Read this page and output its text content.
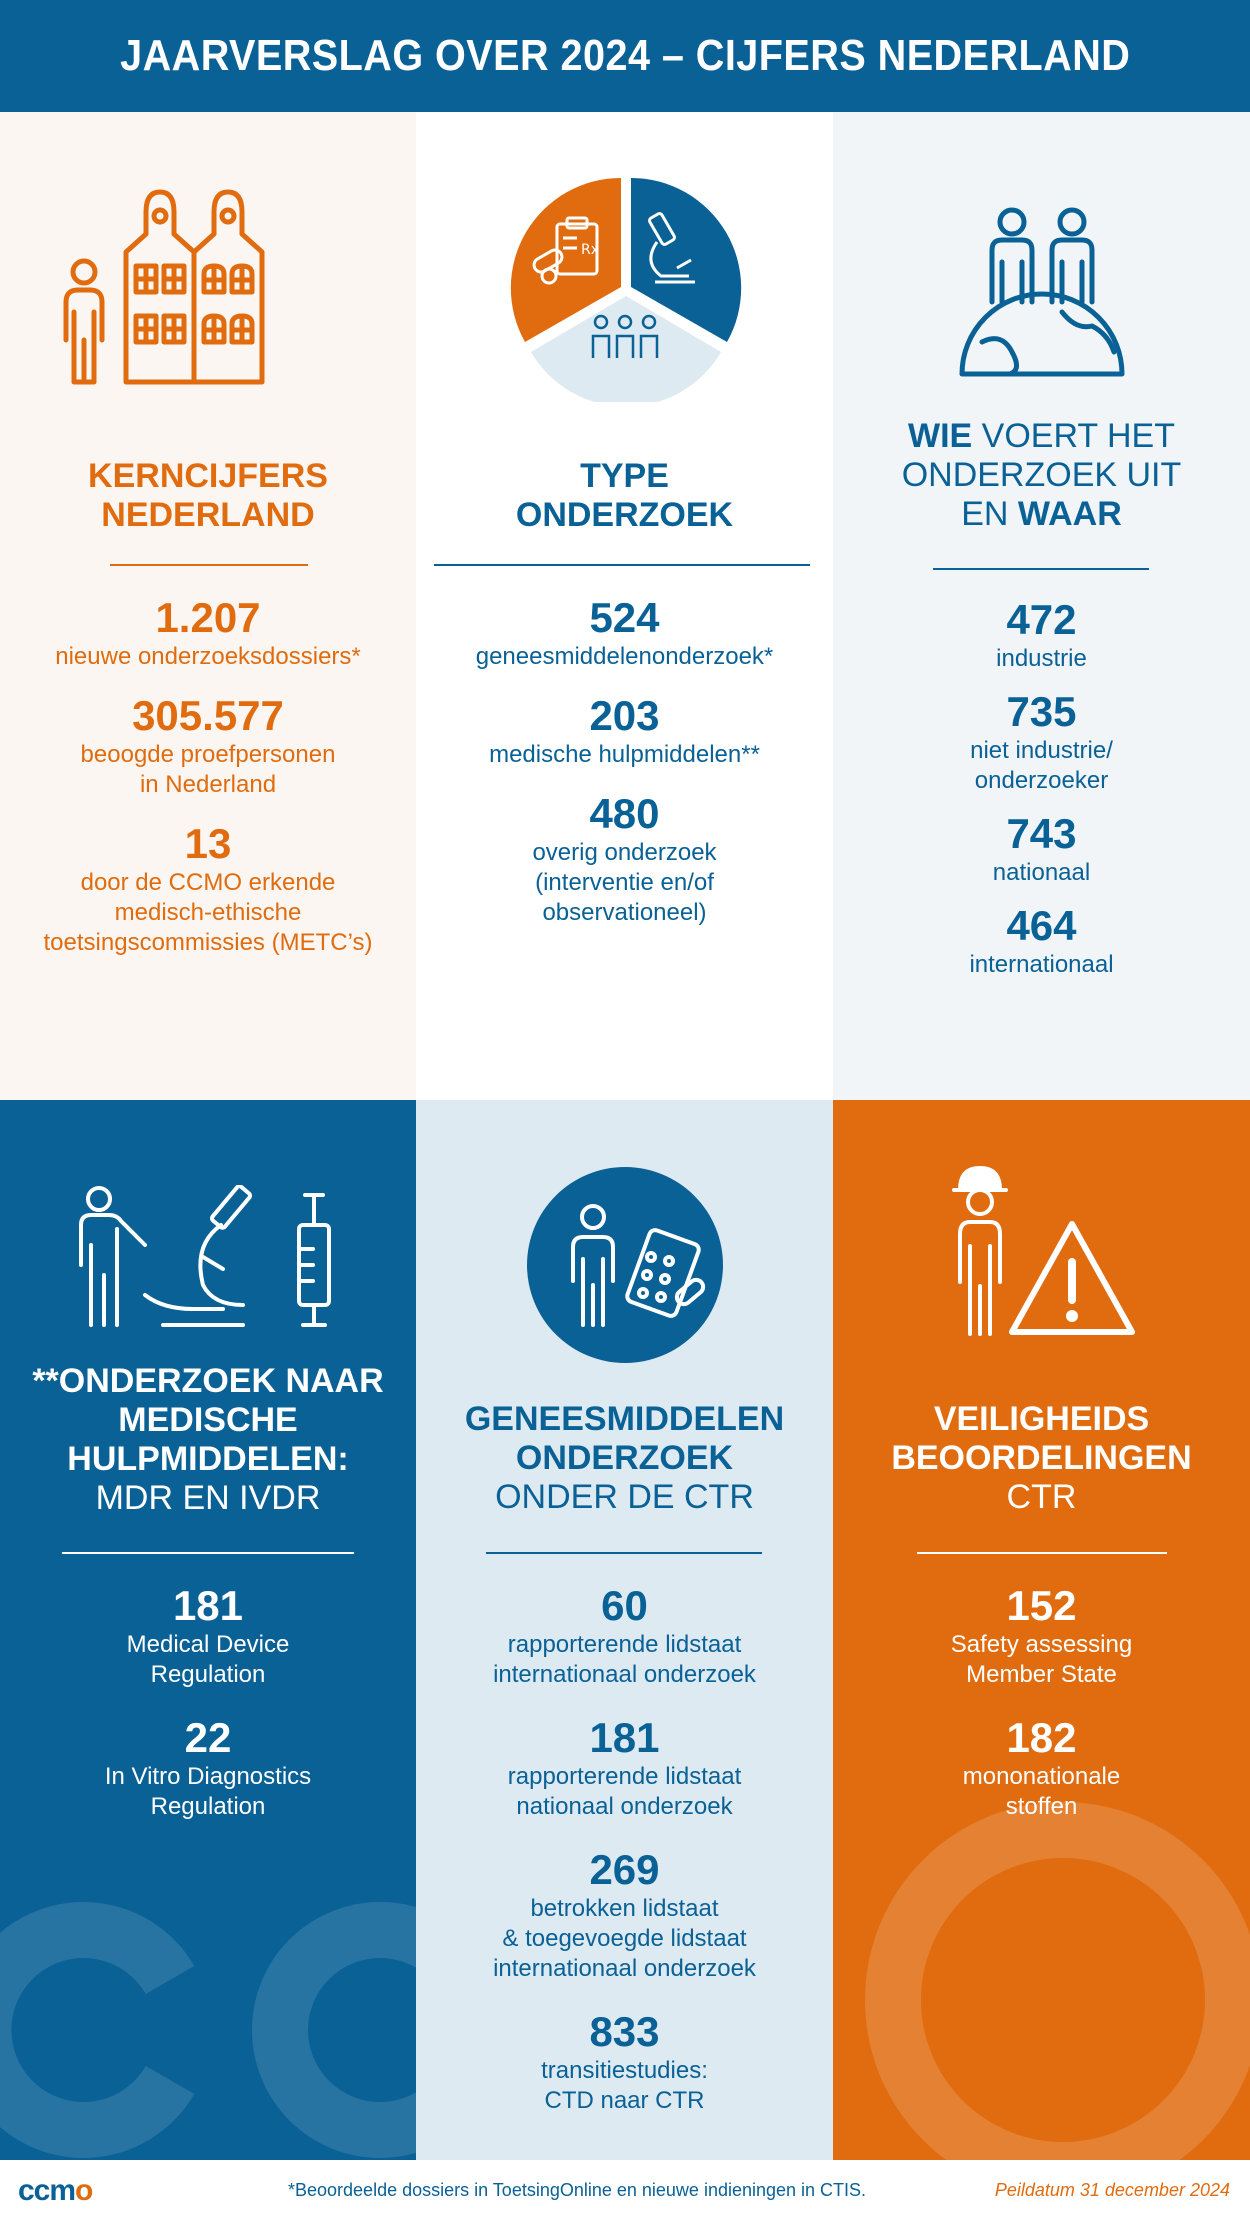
JAARVERSLAG OVER 2024 – CIJFERS NEDERLAND
KERNCIJFERS
NEDERLAND
1.207
nieuwe onderzoeksdossiers*
305.577
beoogde proefpersonen
in Nederland
13
door de CCMO erkende
medisch-ethische
toetsingscommissies (METC’s)
Rx
TYPE
ONDERZOEK
524
geneesmiddelenonderzoek*
203
medische hulpmiddelen**
480
overig onderzoek
(interventie en/of
observationeel)
WIE VOERT HET
ONDERZOEK UIT
EN WAAR
472
industrie
735
niet industrie/
onderzoeker
743
nationaal
464
internationaal
**ONDERZOEK NAAR
MEDISCHE
HULPMIDDELEN:
MDR EN IVDR
181
Medical Device
Regulation
22
In Vitro Diagnostics
Regulation
GENEESMIDDELEN
ONDERZOEK
ONDER DE CTR
60
rapporterende lidstaat
internationaal onderzoek
181
rapporterende lidstaat
nationaal onderzoek
269
betrokken lidstaat
& toegevoegde lidstaat
internationaal onderzoek
833
transitiestudies:
CTD naar CTR
VEILIGHEIDS
BEOORDELINGEN
CTR
152
Safety assessing
Member State
182
mononationale
stoffen
ccmo	*Beoordeelde dossiers in ToetsingOnline en nieuwe indieningen in CTIS.	Peildatum 31 december 2024
